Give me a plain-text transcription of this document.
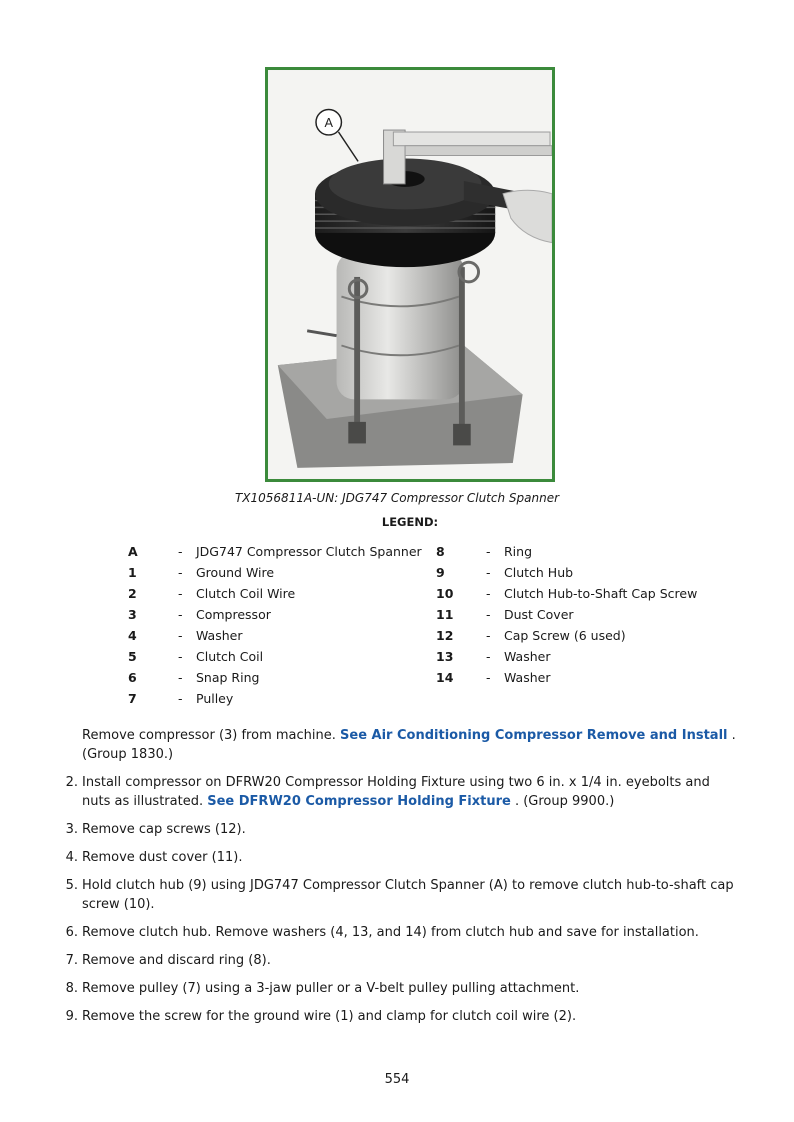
A
TX1056811A-UN: JDG747 Compressor Clutch Spanner
LEGEND:
A	- JDG747 Compressor Clutch Spanner
1	- Ground Wire
2	- Clutch Coil Wire
3	- Compressor
4	- Washer
5	- Clutch Coil
6	- Snap Ring
7	- Pulley
8	- Ring
9	- Clutch Hub
10	- Clutch Hub-to-Shaft Cap Screw
11	- Dust Cover
12	- Cap Screw (6 used)
13	- Washer
14	- Washer
Remove compressor (3) from machine. See Air Conditioning Compressor Remove and Install . (Group 1830.)
2. Install compressor on DFRW20 Compressor Holding Fixture using two 6 in. x 1/4 in. eyebolts and nuts as illustrated. See DFRW20 Compressor Holding Fixture . (Group 9900.)
3. Remove cap screws (12).
4. Remove dust cover (11).
5. Hold clutch hub (9) using JDG747 Compressor Clutch Spanner (A) to remove clutch hub-to-shaft cap screw (10).
6. Remove clutch hub. Remove washers (4, 13, and 14) from clutch hub and save for installation.
7. Remove and discard ring (8).
8. Remove pulley (7) using a 3-jaw puller or a V-belt pulley pulling attachment.
9. Remove the screw for the ground wire (1) and clamp for clutch coil wire (2).
554
